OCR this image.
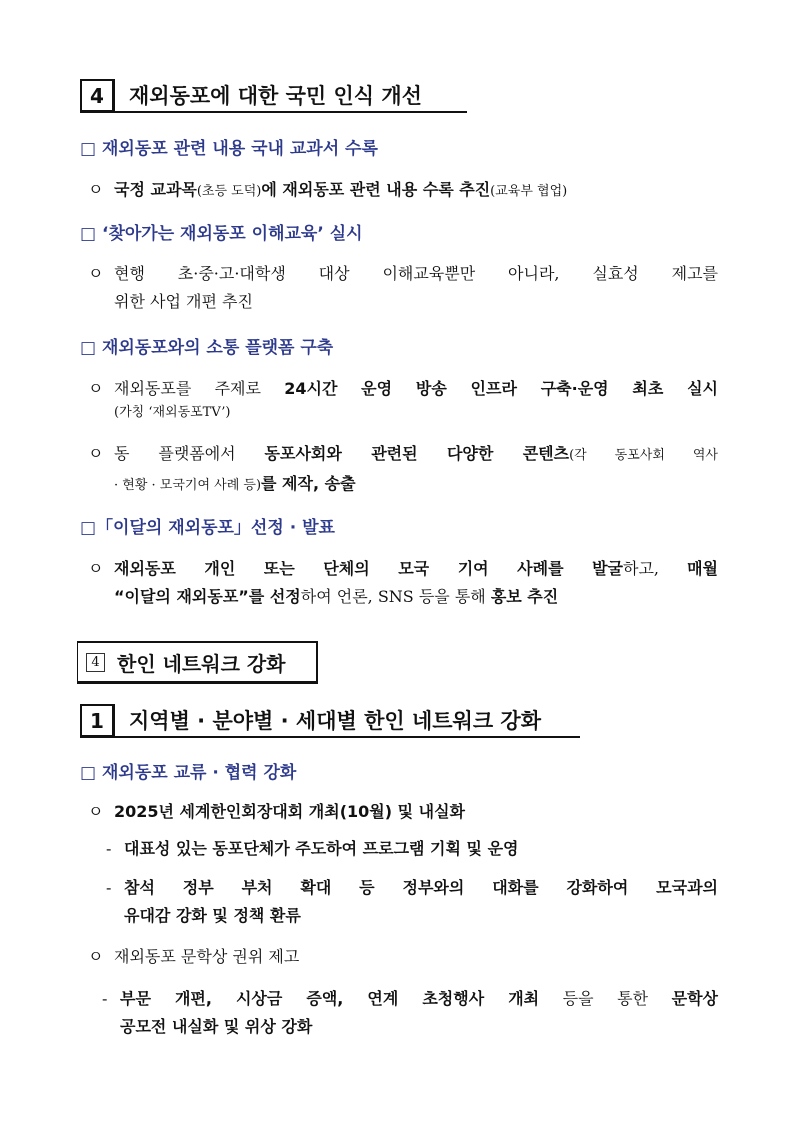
4	재외동포에 대한 국민 인식 개선
□ 재외동포 관련 내용 국내 교과서 수록
ㅇ 국정 교과목(초등 도덕)에 재외동포 관련 내용 수록 추진(교육부 협업)
□ ‘찾아가는 재외동포 이해교육’ 실시
ㅇ 현행 초·중·고·대학생 대상 이해교육뿐만 아니라, 실효성 제고를
위한 사업 개편 추진
□ 재외동포와의 소통 플랫폼 구축
ㅇ 재외동포를 주제로 24시간 운영 방송 인프라 구축·운영 최초 실시
(가칭 ‘재외동포TV’)
ㅇ 동 플랫폼에서 동포사회와 관련된 다양한 콘텐츠(각 동포사회 역사
· 현황 · 모국기여 사례 등)를 제작, 송출
□「이달의 재외동포」선정 · 발표
ㅇ 재외동포 개인 또는 단체의 모국 기여 사례를 발굴하고, 매월
“이달의 재외동포”를 선정하여 언론, SNS 등을 통해 홍보 추진
4 한인 네트워크 강화
1	지역별 · 분야별 · 세대별 한인 네트워크 강화
□ 재외동포 교류 · 협력 강화
ㅇ 2025년 세계한인회장대회 개최(10월) 및 내실화
- 대표성 있는 동포단체가 주도하여 프로그램 기획 및 운영
- 참석 정부 부처 확대 등 정부와의 대화를 강화하여 모국과의
유대감 강화 및 정책 환류
ㅇ 재외동포 문학상 권위 제고
- 부문 개편, 시상금 증액, 연계 초청행사 개최 등을 통한 문학상
공모전 내실화 및 위상 강화
